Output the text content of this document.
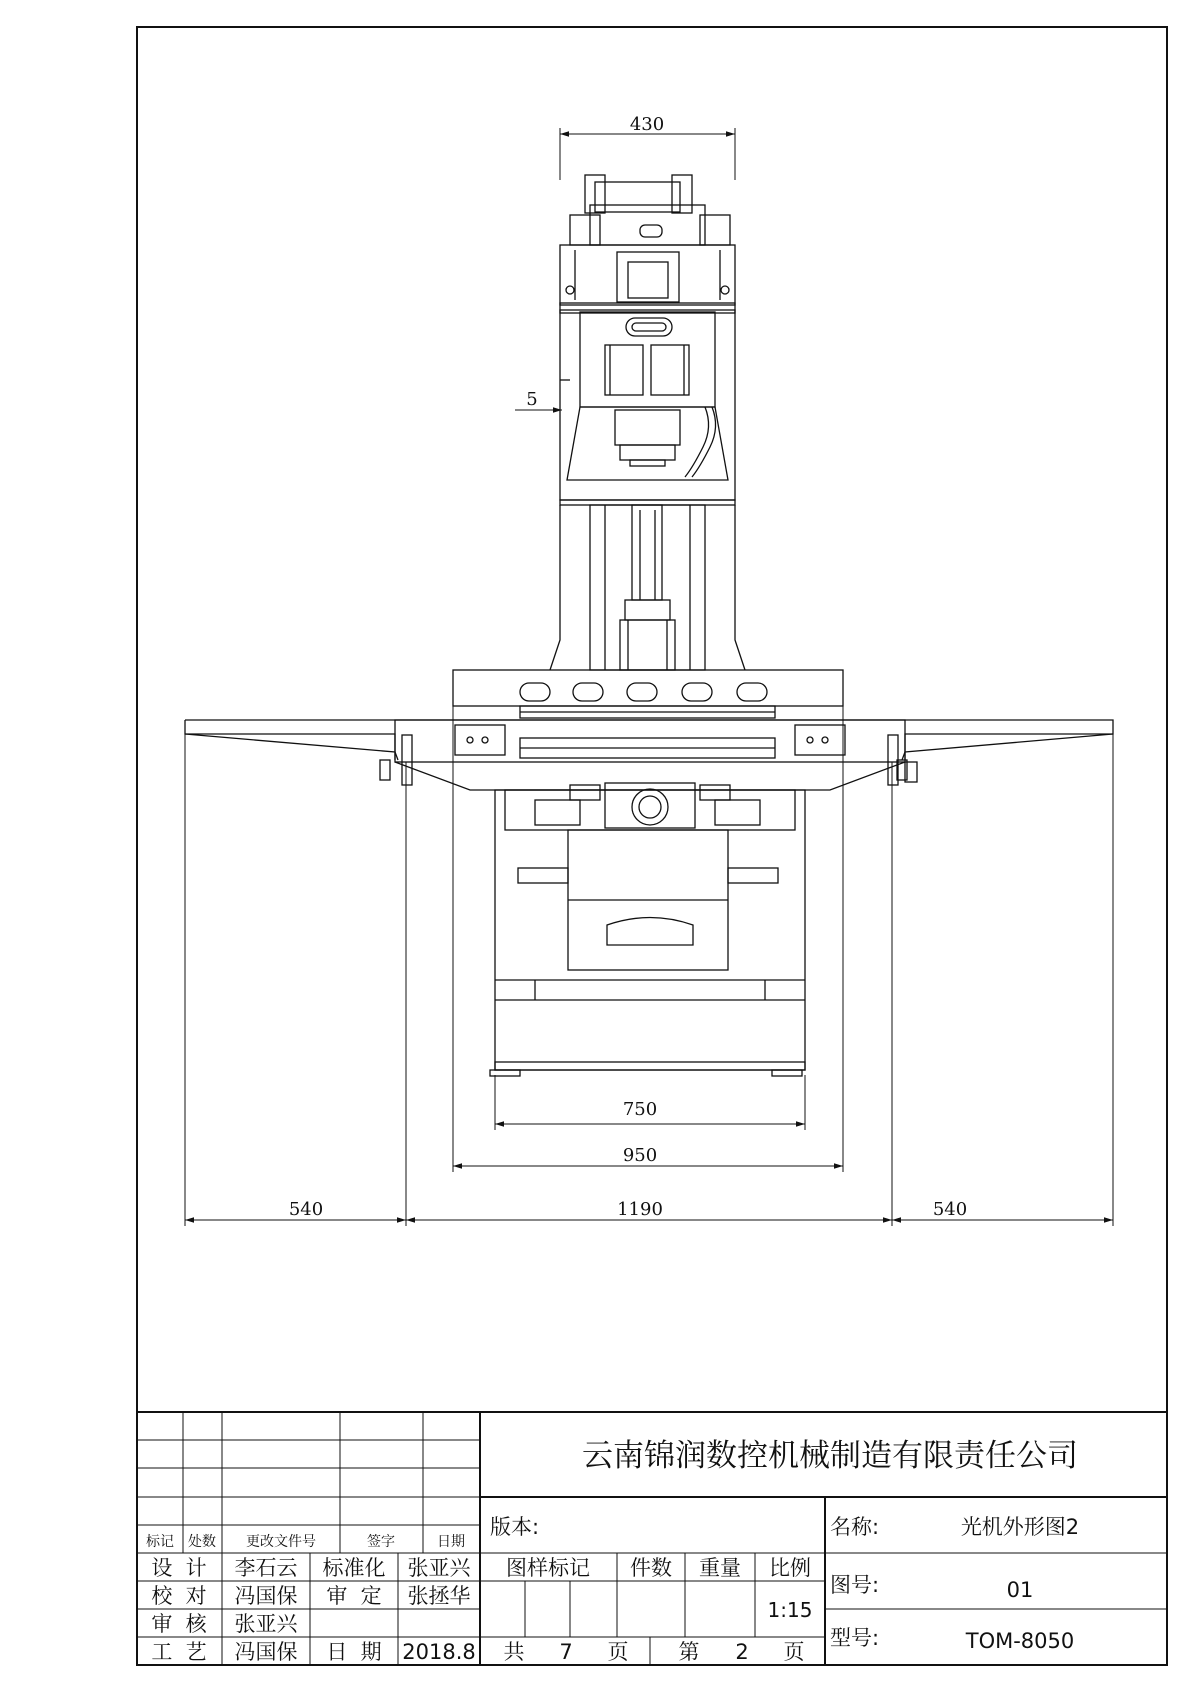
430
5
750
950
540	1190	540
云南锦润数控机械制造有限责任公司
标记 处数 更改文件号	签字	日期
设  计 李石云 标准化 张亚兴
校  对 冯国保 审  定 张拯华
审  核 张亚兴
工  艺 冯国保 日  期 2018.8
版本:
图样标记 件数 重量 比例
1:15
共 7 页 第 2 页
名称:	光机外形图2
图号:	01
型号:	TOM-8050
